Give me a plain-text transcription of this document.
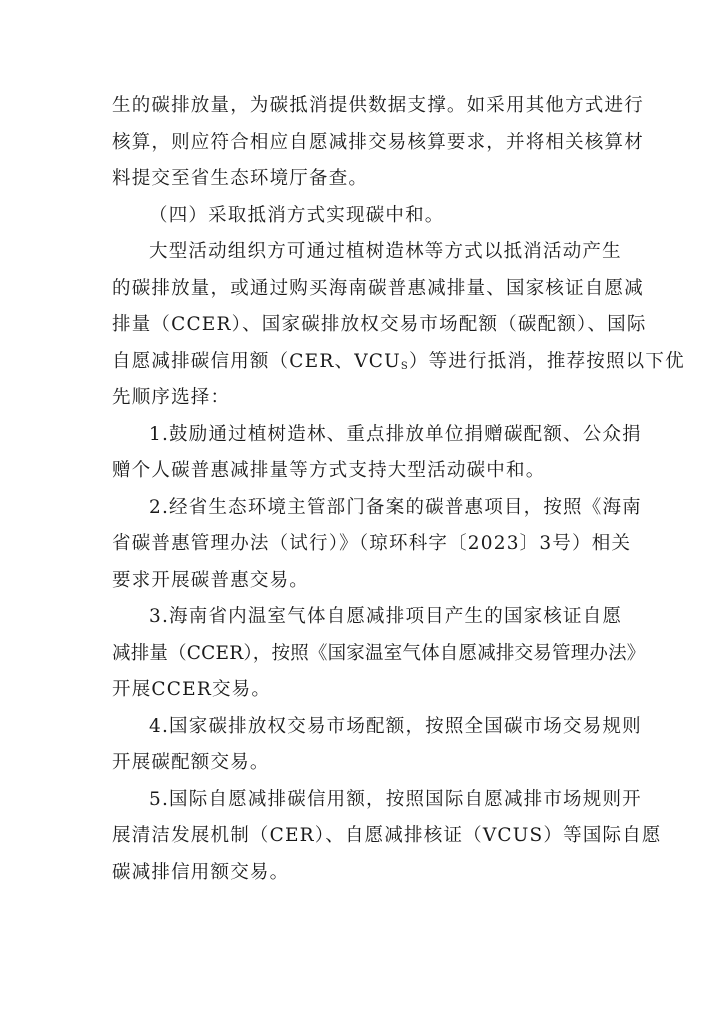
生的碳排放量，为碳抵消提供数据支撑。如采用其他方式进行
核算，则应符合相应自愿减排交易核算要求，并将相关核算材
料提交至省生态环境厅备查。

（四）采取抵消方式实现碳中和。

大型活动组织方可通过植树造林等方式以抵消活动产生
的碳排放量，或通过购买海南碳普惠减排量、国家核证自愿减
排量（CCER）、国家碳排放权交易市场配额（碳配额）、国际
自愿减排碳信用额（CER、$VCU_S$）等进行抵消，推荐按照以下优
先顺序选择：

1.鼓励通过植树造林、重点排放单位捐赠碳配额、公众捐
赠个人碳普惠减排量等方式支持大型活动碳中和。

2.经省生态环境主管部门备案的碳普惠项目，按照《海南
省碳普惠管理办法（试行）》（琼环科字〔2023〕3号）相关
要求开展碳普惠交易。

3.海南省内温室气体自愿减排项目产生的国家核证自愿
减排量（CCER），按照《国家温室气体自愿减排交易管理办法》
开展CCER交易。

4.国家碳排放权交易市场配额，按照全国碳市场交易规则
开展碳配额交易。

5.国际自愿减排碳信用额，按照国际自愿减排市场规则开
展清洁发展机制（CER）、自愿减排核证（VCUS）等国际自愿
碳减排信用额交易。
